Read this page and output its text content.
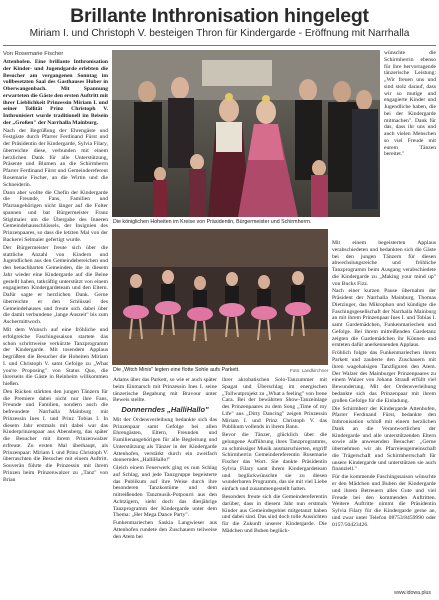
Brillante Inthronisation hingelegt
Miriam I. und Christoph V. besteigen Thron für Kindergarde - Eröffnung mit Narrhalla
Von Rosemarie Fischer

Attenhofen. Eine brillante Inthronisation der Kinder- und Jugendgarde erlebten die Besucher am vergangenen Sonntag im vollbesetzten Saal des Gasthauses Huber in Oberwangenbach. Mit Spannung erwarteten die Gäste den ersten Auftritt mit ihrer Lieblichkeit Prinzessin Miriam I. und seiner Tollität Prinz Christoph V. Inthronisiert wurde traditionell im Beisein der „Großen" der Narrhalla Mainburg.

Nach der Begrüßung der Ehrengäste und Festgäste durch Pfarrer Ferdinand Fürst und der Präsidentin der Kindergarde, Sylvia Filary, überreichte diese, verbunden mit einem herzlichen Dank für alle Unterstützung, Präsente und Blumen an die Schirmherrn Pfarrer Ferdinand Fürst und Gemeindereferent Rosemarie Fischer, an die Wirtin und die Schneiderin.

Dann aber wollte die Chefin der Kindergarde die Freunde, Fans, Familien und Pfarrangehörigen nicht länger auf die Folter spannen und bat Bürgermeister Franz Stiglmaier um die Übergabe des Inneren Gemeindehausschlüssels, der Insignien des Prinzenpaares, so dass die letzten Mal von der Backerei Selmaier gefertigt wurde.

Der Bürgermeister freute sich über die stattliche Anzahl von Kindern und Jugendlichen aus den Gemeindebereichen und den benachbarten Gemeinden, die in diesem Jahr wieder eine Kindergarde auf die Beine gestellt haben, tatkräftig unterstützt von einem engagierten Kindergardeteam und den Eltern. Dafür sagte er herzlichen Dank. Gerne überreichte er den Schlüssel des Gemeindehauses und freute sich dabei über die damit verbundene „lange Auszeit" bis zum Aschermittwoch.

Mit dem Wunsch auf eine fröhliche und erfolgreiche Faschingssaison startete das schon schrittweise verkürzte Tanzprogramm der Kindergarde. Mit tosendem Applaus begrüßten die Besucher die Hoheiten Miriam I. und Christoph V. samt Gefolge zu „What you're Proposing" von Status Quo, die ihrerseits die Gäste in Reinheim willkommen hießen.

Den Rücken stärkten den jungen Tänzern für die Premiere dabei nicht nur ihre Fans, Freunde und Familien, sondern auch die befreundete Narrhalla Mainburg mit Prinzessin Ines I. und Prinz Tobias I. In diesem Jahr erstmals mit dabei war das Kinderprinzenpaar aus Abensberg, das später die Besucher mit ihrem Prinzenwalzer erfreute. Zu ersten Mal überhaupt, als Prinzenpaar: Miriam I. und Prinz Christoph V. überraschten die Besucher mit einem Auftritt. Souverän führte die Prinzessin mit ihrem Prinzen beim Prinzenwalzer zu „Tanz" von Brian

Die königlichen Hoheiten im Kreise von Präsidentin, Bürgermeister und Schirmherrn.

wünschte die Schirmherrin ebenso für ihre hervorragende tänzerische Leistung: „Wir freuen uns und sind stolz darauf, dass wir so mutige und engagierte Kinder und Jugendliche haben, die bei der Kindergarde mitmachen". Dank für das, dass ihr uns und auch vielen Menschen so viel Freude mit eurem Tänzen bereitet."

Mit einem begeisterten Applaus verabschiedeten und bedankten sich die Gäste bei den jungen Tänzern für diesen abwechslungsreiche und fröhliche Tanzprogramm beim Ausgang verabschiedete die Kindergarde zu „Making your mind up" von Bucks Fizz.

Nach einer kurzen Pause übernahm der Präsident der Narrhalla Mainburg, Thomas Dietzinger, das Mikrophon und kündigte die Faschingsgesellschaft der Narrhalla Mainburg an mit ihrem Prinzenpaar Ines I. und Tobias I. samt Gardemädchen, Funkenmariechen und Gefolge. Bei ihrem mitreißenden Gardetanz zeigten die Gardemädchen ihr Können und ernteten dafür anerkennenden Applaus.

Fröhlich folgte das Funkenmariechen ihrem Parkett und zauberte den Zuschauern mit ihren wagehalsigen Tanzfiguren den Atem. Der Walzer des Mainburger Prinzenpaares zu einem Walzer von Johann Strauß erfüllt viel Bewunderung. Mit der Ordensverleihung bedankte sich das Prinzenpaar mit ihrem großen Gefolge für die Einladung.

Die Schirmherr der Kindergarde Attenhofen, Pfarrer Ferdinand Fürst, bedankte den Inthronisation schloß mit einem herzlichen Dank an die Verantwortlichen der Kindergarde und alle unterstützenden Eltern sowie alle anwesenden Besucher: „Gerne übernehmen wir als Pfarreiengemeinschaft die Trägerschaft und Schirmherrschaft für unsere Kindergarde und unterstützen sie auch finanziell."

Für die kommende Faschingssaison wünschte er den Mädchen und Buben der Kindergarde und ihrem Betreuern alles Gute und viel Freude bei den kommenden Auftritten. Weitere Auftritte nimmt die Präsidentin Sylvia Filary für die Kindergarde gerne an, und zwar unter Telefon 08753/8459990 oder 0157/50423426.

Die „Witch Minis" legten eine flotte Sohle aufs Parkett.	Foto: Landkirchner

Adams über das Parkett, so wie er auch später beim Einmarsch mit Prinzessin Ines I. seine tänzerische Begabung mit Bravour unter Beweis stellte.

Donnerndes „HalliHallo"

Mit der Ordensverleihung bedankte sich das Prinzenpaar samt Gefolge bei allen Ehrengästen, Eltern, Freunden und Familienangehörigen für alle Begleitung und Unterstützung als Tänzer in der Kindergarde Attenhofen, verstärkt durch ein zweifach donnerndes „HalliHallo!"

Gleich einem Feuerwerk ging es nun Schlag auf Schlag, und jede Tanzgruppe begeisterte das Publikum auf ihre Weise durch ihre besonderen Tanzkostüme und dem mitreißenden Tanzmusik-Potpourri aus den Achtzigern, sieht doch das diesjährige Tanzprogramm der Kindergarde unter dem Thema: „Her Mega Dance Party".

Funkenmariechen Saskia Langwieser aus Attenhofen rundete den Zuschauern teilweise den Atem bei

ihrer akrobatischen Solo-Tanzummer mit Spagat und Überschlag im energischen „Tollwutprojekt zu „What a feeling" von Irene Cara. Bei der bewährten Show-Tanzeinlage des Prinzenpaares zu dem Song „Time of my Life" aus „Dirty Dancing" zeigen Prinzessin Miriam I. und Prinz Christoph V. das Publikum vollends in ihrem Bann.

Bevor die Tänzer, glücklich über die gelungene Aufführung ihres Tanzprogramms, zu schmissiger Musik ausmarschierten, ergriff Schirmherrin Gemeindereferentin Rosemarie Fischer das Wort. Sie dankte Präsidentin Sylvia Filary samt ihrem Kindergardeteam und beglückwünschte sie zu diesen wunderbaren Programm, das sie mit viel Liebe einfach und zusammengestellt hatten.

Besonders freute sich die Gemeindereferentin darüber, dass in diesem Jahr nun erstmals Kinder aus Gemeindegebiet mitgetanzt haben und dabei sind. Das sind doch tolle Aussichten für die Zukunft unserer Kindergarde. Die Mädchen und Buben beglück-

www.idowa.plus
